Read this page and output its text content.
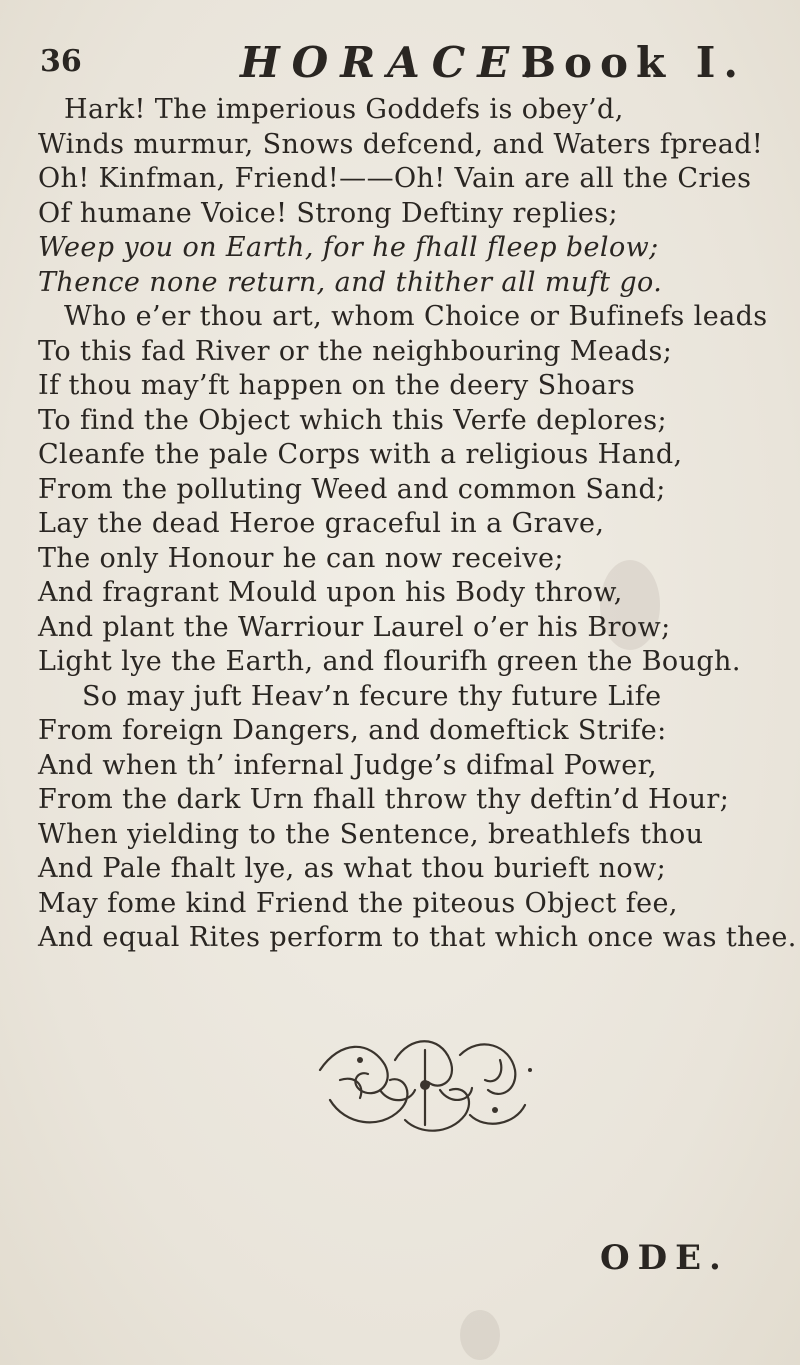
36	HORACE.
Book I.
Hark! The imperious Goddefs is obey’d,
Winds murmur, Snows defcend, and Waters fpread!
Oh! Kinfman, Friend!——Oh! Vain are all the Cries
Of humane Voice! Strong Deftiny replies;
Weep you on Earth, for he fhall fleep below;
Thence none return, and thither all muft go.
Who e’er thou art, whom Choice or Bufinefs leads
To this fad River or the neighbouring Meads;
If thou may’ft happen on the deery Shoars
To find the Object which this Verfe deplores;
Cleanfe the pale Corps with a religious Hand,
From the polluting Weed and common Sand;
Lay the dead Heroe graceful in a Grave,
The only Honour he can now receive;
And fragrant Mould upon his Body throw,
And plant the Warriour Laurel o’er his Brow;
Light lye the Earth, and flourifh green the Bough.
So may juft Heav’n fecure thy future Life
From foreign Dangers, and domeftick Strife:
And when th’ infernal Judge’s difmal Power,
From the dark Urn fhall throw thy deftin’d Hour;
When yielding to the Sentence, breathlefs thou
And Pale fhalt lye, as what thou burieft now;
May fome kind Friend the piteous Object fee,
And equal Rites perform to that which once was thee.
ODE.
